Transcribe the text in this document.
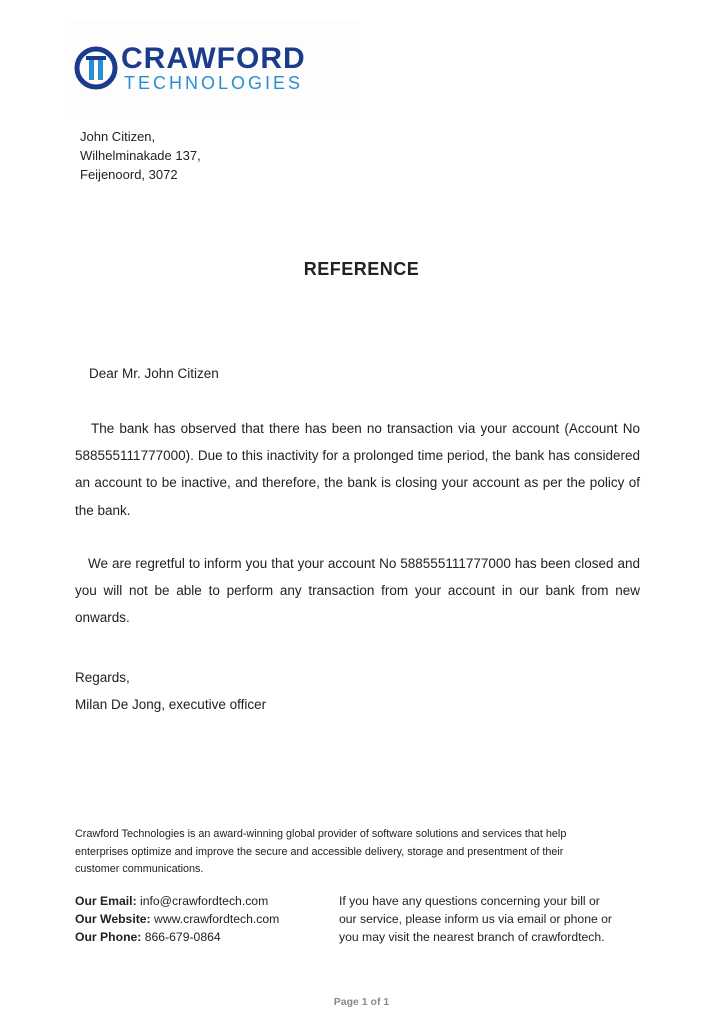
CRAWFORD
TECHNOLOGIES
John Citizen,
Wilhelminakade 137,
Feijenoord, 3072
REFERENCE
Dear Mr. John Citizen
The bank has observed that there has been no transaction via your account (Account No 588555111777000). Due to this inactivity for a prolonged time period, the bank has considered an account to be inactive, and therefore, the bank is closing your account as per the policy of the bank.
We are regretful to inform you that your account No 588555111777000 has been closed and you will not be able to perform any transaction from your account in our bank from new onwards.
Regards,
Milan De Jong, executive officer
Crawford Technologies is an award-winning global provider of software solutions and services that help enterprises optimize and improve the secure and accessible delivery, storage and presentment of their customer communications.
Our Email: info@crawfordtech.com
Our Website: www.crawfordtech.com
Our Phone: 866-679-0864
If you have any questions concerning your bill or
our service, please inform us via email or phone or
you may visit the nearest branch of crawfordtech.
Page 1 of 1
